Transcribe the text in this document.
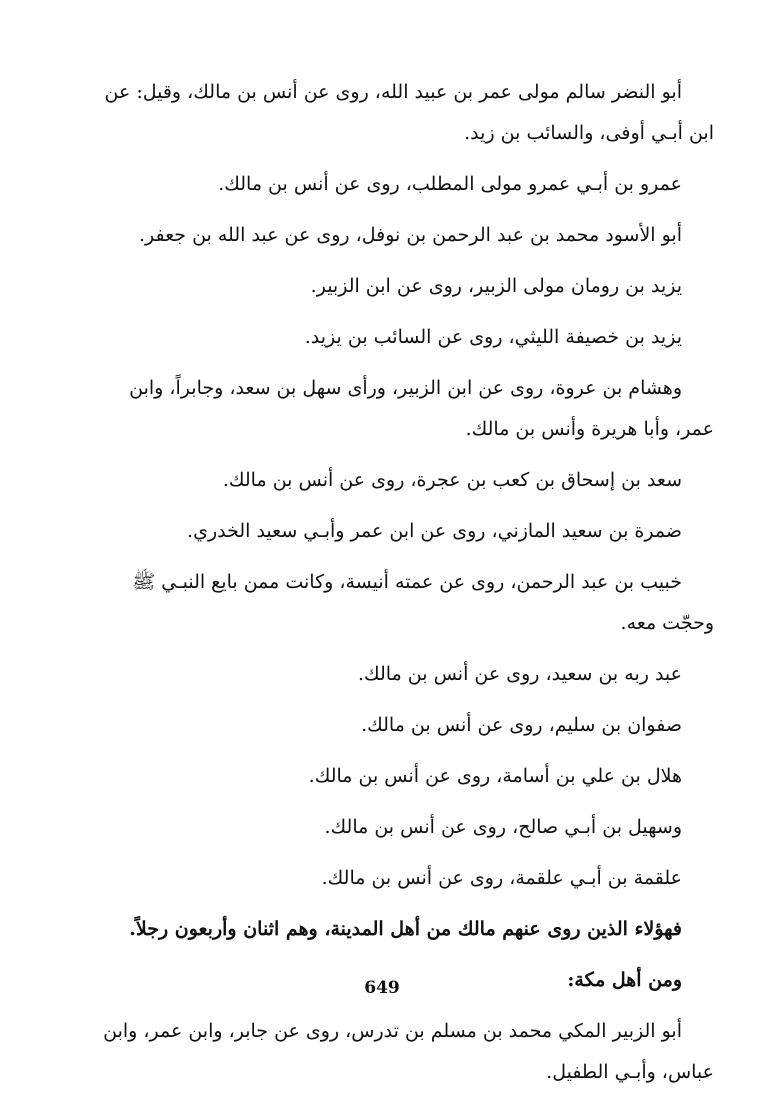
أبو النضر سالم مولى عمر بن عبيد الله، روى عن أنس بن مالك، وقيل: عن ابن أبـي أوفى، والسائب بن زيد.

عمرو بن أبـي عمرو مولى المطلب، روى عن أنس بن مالك.

أبو الأسود محمد بن عبد الرحمن بن نوفل، روى عن عبد الله بن جعفر.

يزيد بن رومان مولى الزبير، روى عن ابن الزبير.

يزيد بن خصيفة الليثي، روى عن السائب بن يزيد.

وهشام بن عروة، روى عن ابن الزبير، ورأى سهل بن سعد، وجابراً، وابن عمر، وأبا هريرة وأنس بن مالك.

سعد بن إسحاق بن كعب بن عجرة، روى عن أنس بن مالك.

ضمرة بن سعيد المازني، روى عن ابن عمر وأبـي سعيد الخدري.

خبيب بن عبد الرحمن، روى عن عمته أنيسة، وكانت ممن بايع النبـي ﷺ وحجّت معه.

عبد ربه بن سعيد، روى عن أنس بن مالك.

صفوان بن سليم، روى عن أنس بن مالك.

هلال بن علي بن أسامة، روى عن أنس بن مالك.

وسهيل بن أبـي صالح، روى عن أنس بن مالك.

علقمة بن أبـي علقمة، روى عن أنس بن مالك.

فهؤلاء الذين روى عنهم مالك من أهل المدينة، وهم اثنان وأربعون رجلاً.

ومن أهل مكة:

أبو الزبير المكي محمد بن مسلم بن تدرس، روى عن جابر، وابن عمر، وابن عباس، وأبـي الطفيل.

649
